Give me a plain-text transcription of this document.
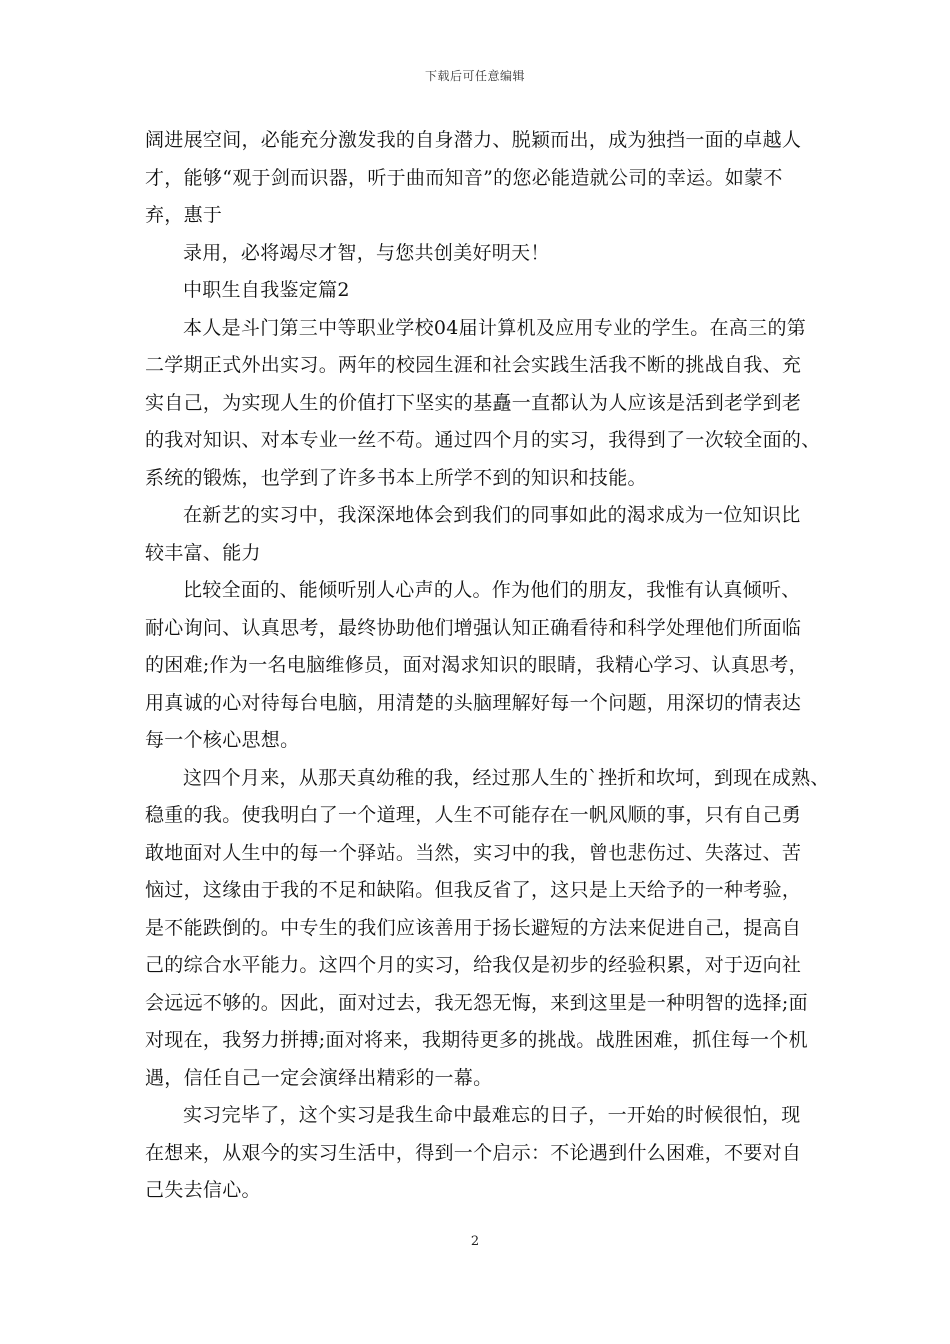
下载后可任意编辑
阔进展空间，必能充分激发我的自身潜力、脱颖而出，成为独挡一面的卓越人
才，能够“观于剑而识器，听于曲而知音”的您必能造就公司的幸运。如蒙不
弃，惠于
录用，必将竭尽才智，与您共创美好明天！
中职生自我鉴定篇2
本人是斗门第三中等职业学校04届计算机及应用专业的学生。在高三的第
二学期正式外出实习。两年的校园生涯和社会实践生活我不断的挑战自我、充
实自己，为实现人生的价值打下坚实的基矗一直都认为人应该是活到老学到老
的我对知识、对本专业一丝不苟。通过四个月的实习，我得到了一次较全面的、
系统的锻炼，也学到了许多书本上所学不到的知识和技能。
在新艺的实习中，我深深地体会到我们的同事如此的渴求成为一位知识比
较丰富、能力
比较全面的、能倾听别人心声的人。作为他们的朋友，我惟有认真倾听、
耐心询问、认真思考，最终协助他们增强认知正确看待和科学处理他们所面临
的困难;作为一名电脑维修员，面对渴求知识的眼睛，我精心学习、认真思考，
用真诚的心对待每台电脑，用清楚的头脑理解好每一个问题，用深切的情表达
每一个核心思想。
这四个月来，从那天真幼稚的我，经过那人生的`挫折和坎坷，到现在成熟、
稳重的我。使我明白了一个道理，人生不可能存在一帆风顺的事，只有自己勇
敢地面对人生中的每一个驿站。当然，实习中的我，曾也悲伤过、失落过、苦
恼过，这缘由于我的不足和缺陷。但我反省了，这只是上天给予的一种考验，
是不能跌倒的。中专生的我们应该善用于扬长避短的方法来促进自己，提高自
己的综合水平能力。这四个月的实习，给我仅是初步的经验积累，对于迈向社
会远远不够的。因此，面对过去，我无怨无悔，来到这里是一种明智的选择;面
对现在，我努力拼搏;面对将来，我期待更多的挑战。战胜困难，抓住每一个机
遇，信任自己一定会演绎出精彩的一幕。
实习完毕了，这个实习是我生命中最难忘的日子，一开始的时候很怕，现
在想来，从艰今的实习生活中，得到一个启示：不论遇到什么困难，不要对自
己失去信心。
2
